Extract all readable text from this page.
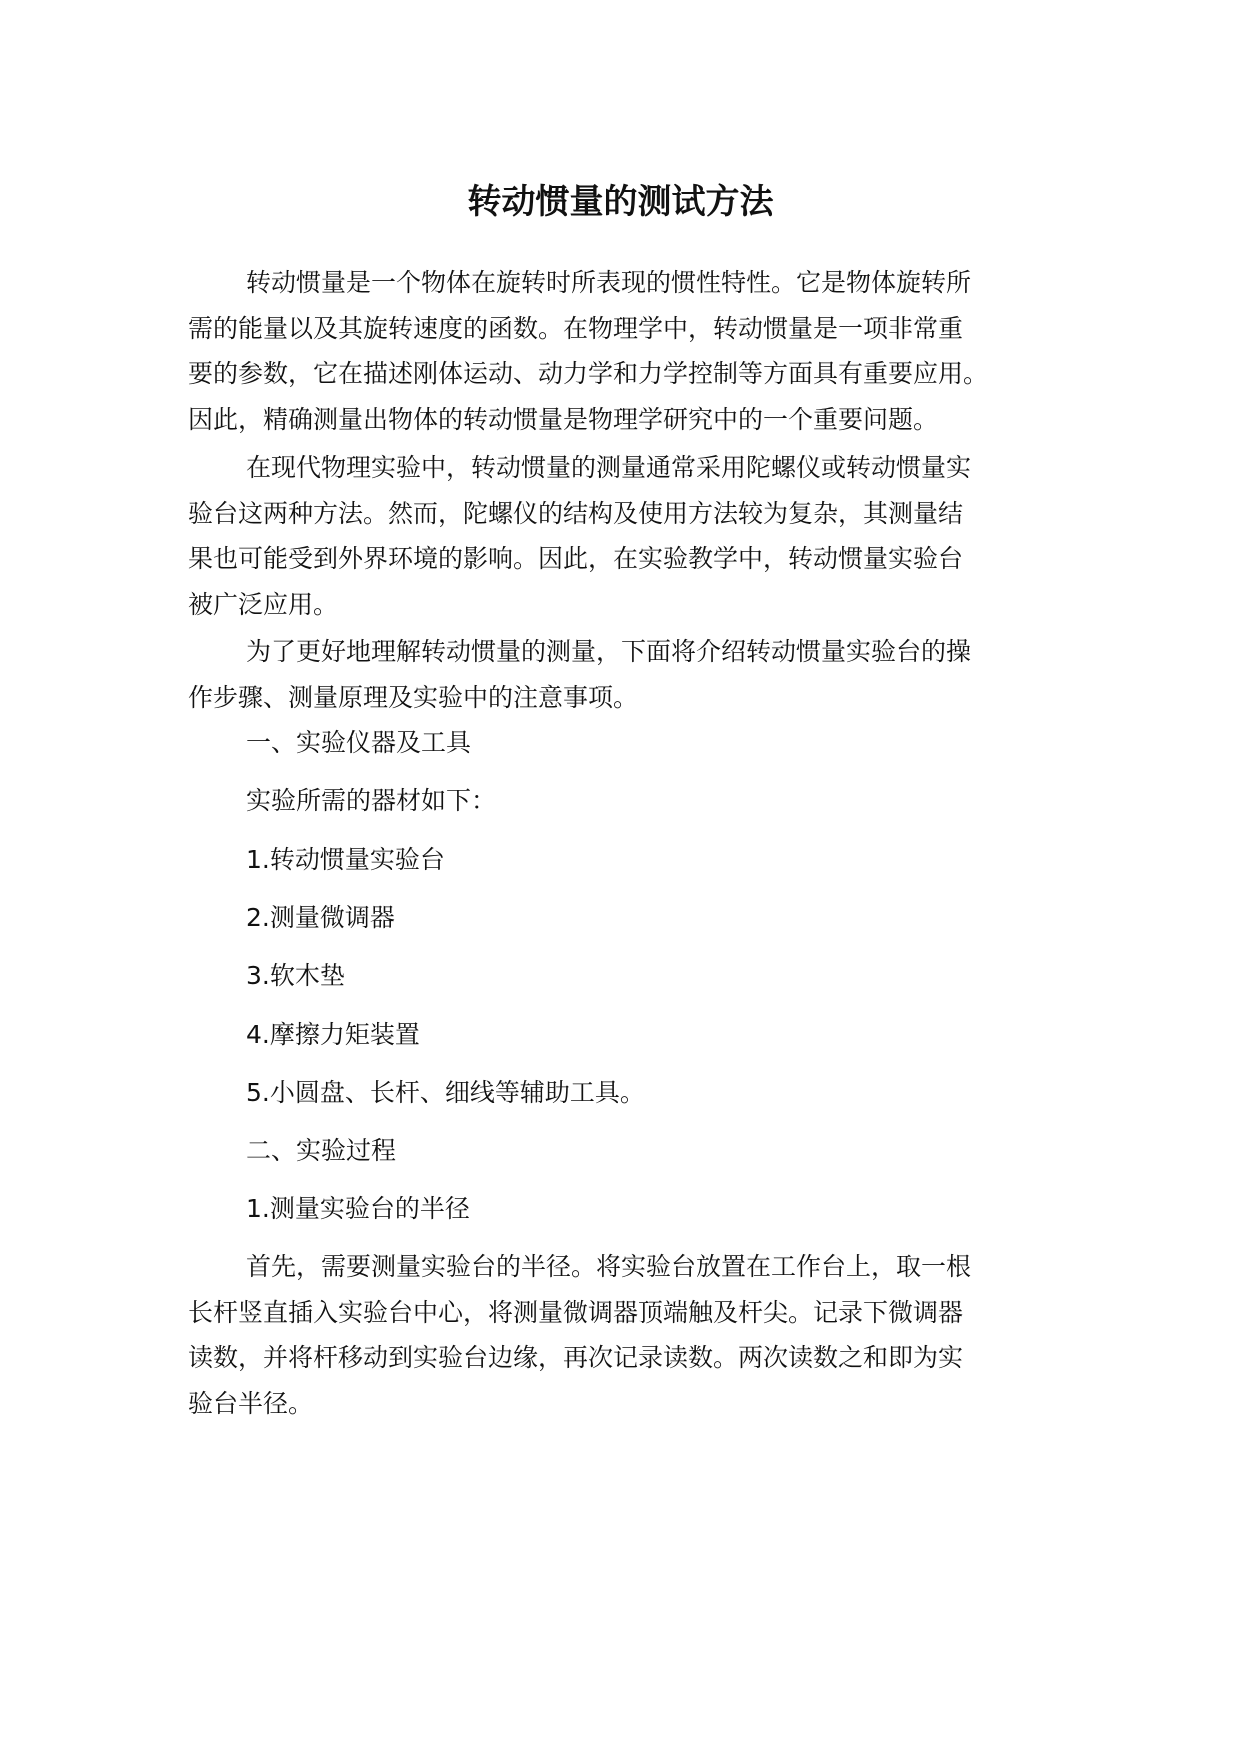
转动惯量的测试方法
转动惯量是一个物体在旋转时所表现的惯性特性。它是物体旋转所
需的能量以及其旋转速度的函数。在物理学中，转动惯量是一项非常重
要的参数，它在描述刚体运动、动力学和力学控制等方面具有重要应用。
因此，精确测量出物体的转动惯量是物理学研究中的一个重要问题。
在现代物理实验中，转动惯量的测量通常采用陀螺仪或转动惯量实
验台这两种方法。然而，陀螺仪的结构及使用方法较为复杂，其测量结
果也可能受到外界环境的影响。因此，在实验教学中，转动惯量实验台
被广泛应用。
为了更好地理解转动惯量的测量，下面将介绍转动惯量实验台的操
作步骤、测量原理及实验中的注意事项。
一、实验仪器及工具
实验所需的器材如下：
1.转动惯量实验台
2.测量微调器
3.软木垫
4.摩擦力矩装置
5.小圆盘、长杆、细线等辅助工具。
二、实验过程
1.测量实验台的半径
首先，需要测量实验台的半径。将实验台放置在工作台上，取一根
长杆竖直插入实验台中心，将测量微调器顶端触及杆尖。记录下微调器
读数，并将杆移动到实验台边缘，再次记录读数。两次读数之和即为实
验台半径。
